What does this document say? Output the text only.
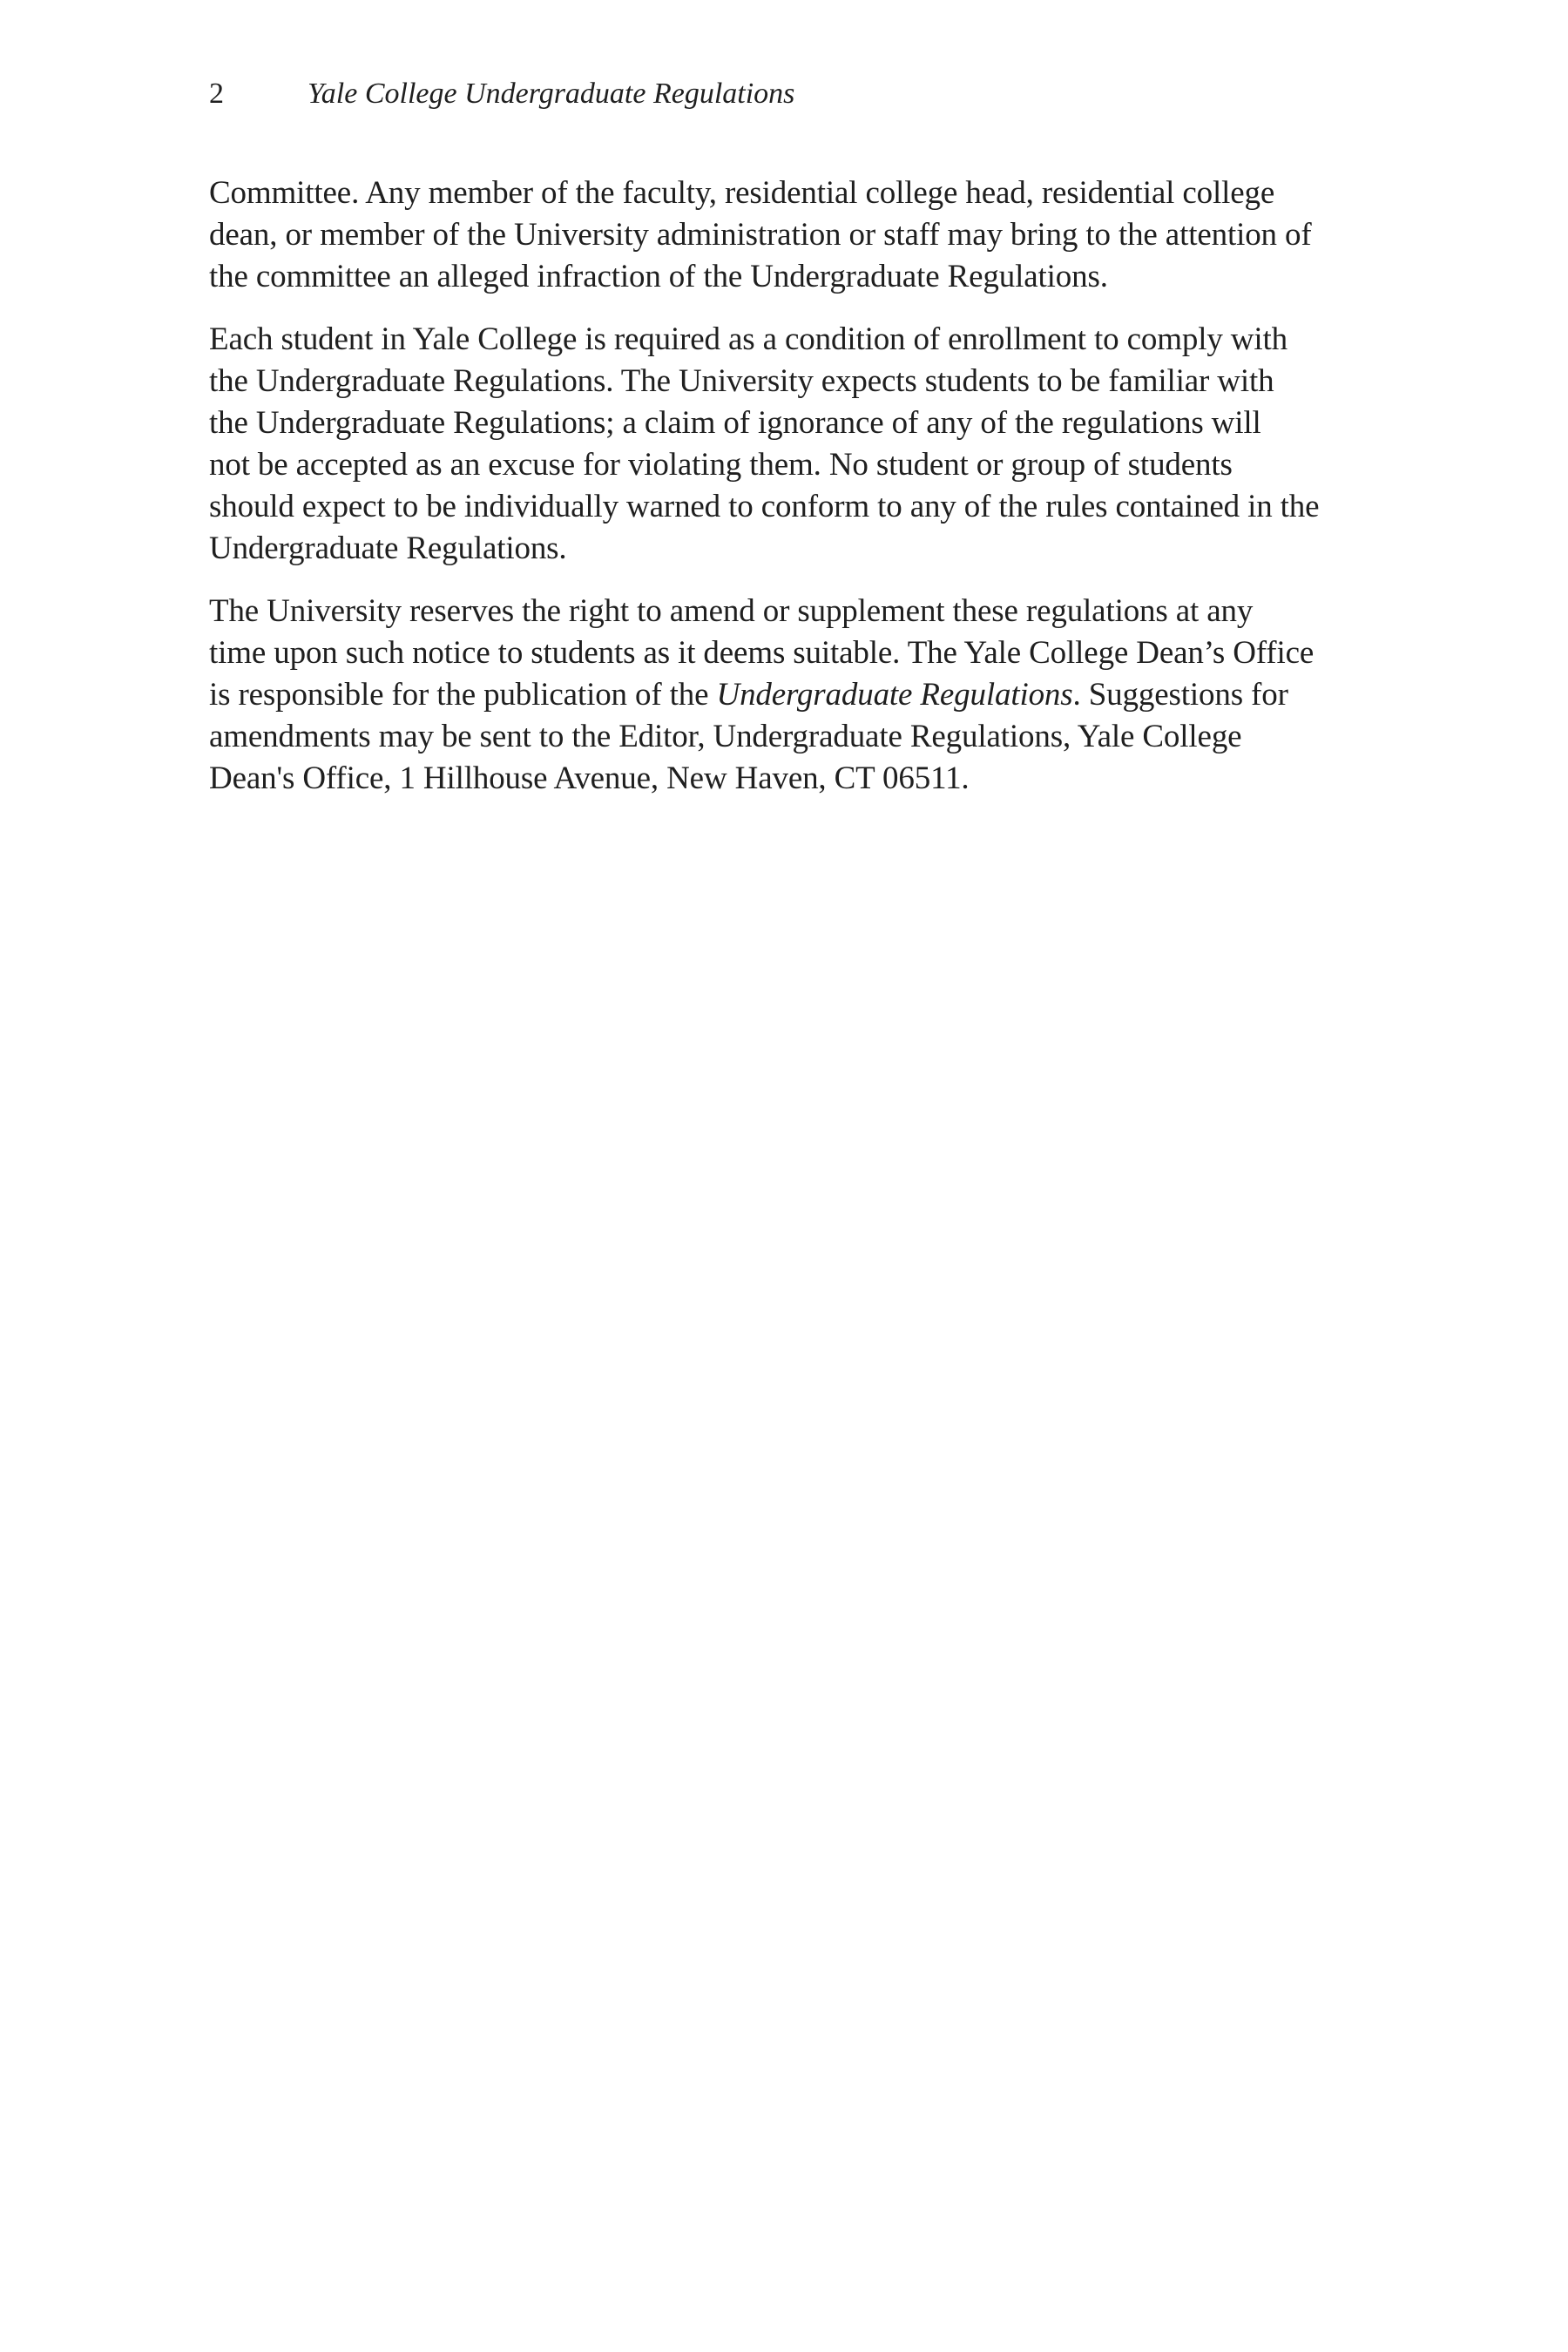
2	Yale College Undergraduate Regulations

Committee. Any member of the faculty, residential college head, residential college
dean, or member of the University administration or staff may bring to the attention of
the committee an alleged infraction of the Undergraduate Regulations.

Each student in Yale College is required as a condition of enrollment to comply with
the Undergraduate Regulations. The University expects students to be familiar with
the Undergraduate Regulations; a claim of ignorance of any of the regulations will
not be accepted as an excuse for violating them. No student or group of students
should expect to be individually warned to conform to any of the rules contained in the
Undergraduate Regulations.

The University reserves the right to amend or supplement these regulations at any
time upon such notice to students as it deems suitable. The Yale College Dean’s Office
is responsible for the publication of the Undergraduate Regulations. Suggestions for
amendments may be sent to the Editor, Undergraduate Regulations, Yale College
Dean's Office, 1 Hillhouse Avenue, New Haven, CT 06511.
